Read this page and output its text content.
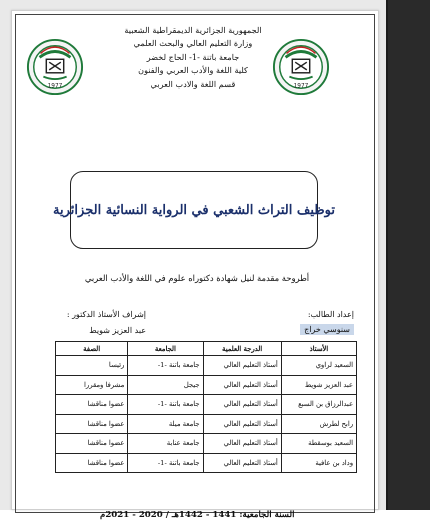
1977
الجمهورية الجزائرية الديمقراطية الشعبية
وزارة التعليم العالي والبحث العلمي
جامعة باتنة -1- الحاج لخضر
كلية اللغة والأدب العربي والفنون
قسم اللغة والادب العربي	1977
توظيف التراث الشعبي في الرواية النسائية الجزائرية
أطروحة مقدمة لنيل شهادة دكتوراه علوم في اللغة والأدب العربي
إعداد الطالب:
إشراف الأستاذ الدكتور :
سنوسي خراج
عبد العزيز شويط
الأستاذ	الدرجة العلمية	الجامعة	الصفة
السعيد لراوي	أستاذ التعليم العالي	جامعة باتنة -1-	رئيسا
عبد العزيز شويط	أستاذ التعليم العالي	جيجل	مشرفا ومقررا
عبدالرزاق بن السبع	أستاذ التعليم العالي	جامعة باتنة -1-	عضوا مناقشا
رابح لطرش	أستاذ التعليم العالي	جامعة ميلة	عضوا مناقشا
السعيد بوسقطة	أستاذ التعليم العالي	جامعة عنابة	عضوا مناقشا
وداد بن عافية	أستاذ التعليم العالي	جامعة باتنة -1-	عضوا مناقشا
السنة الجامعية: 1441 - 1442هـ / 2020 - 2021م
